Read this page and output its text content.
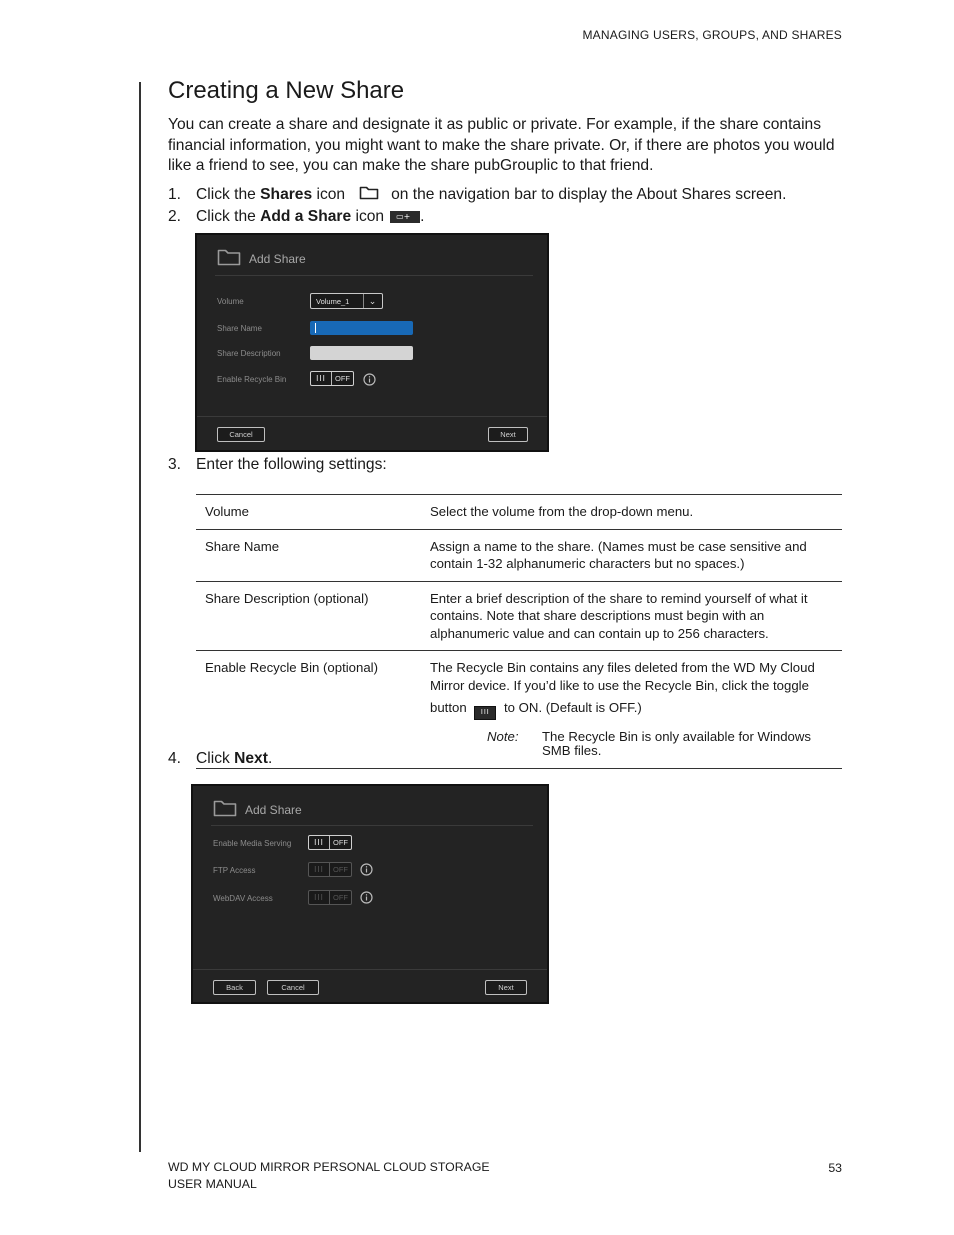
MANAGING USERS, GROUPS, AND SHARES
Creating a New Share

You can create a share and designate it as public or private. For example, if the share contains financial information, you might want to make the share private. Or, if there are photos you would like a friend to see, you can make the share pubGrouplic to that friend.

1. Click the Shares icon	on the navigation bar to display the About Shares screen.
2. Click the Add a Share icon ▭+ .
Add Share
Volume	Volume_1	⌄
Share Name
Share Description
Enable Recycle Bin	III	OFF
Cancel	Next
3. Enter the following settings:
Volume	Select the volume from the drop-down menu.
Share Name	Assign a name to the share. (Names must be case sensitive and contain 1-32 alphanumeric characters but no spaces.)
Share Description (optional)	Enter a brief description of the share to remind yourself of what it contains. Note that share descriptions must begin with an alphanumeric value and can contain up to 256 characters.
Enable Recycle Bin (optional)	The Recycle Bin contains any files deleted from the WD My Cloud Mirror device. If you’d like to use the Recycle Bin, click the toggle
button III to ON. (Default is OFF.)
Note:	The Recycle Bin is only available for Windows SMB files.
4. Click Next .
Add Share
Enable Media Serving	III	OFF
FTP Access	III	OFF
WebDAV Access	III	OFF
Back	Cancel	Next
WD MY CLOUD MIRROR PERSONAL CLOUD STORAGE
USER MANUAL
53
